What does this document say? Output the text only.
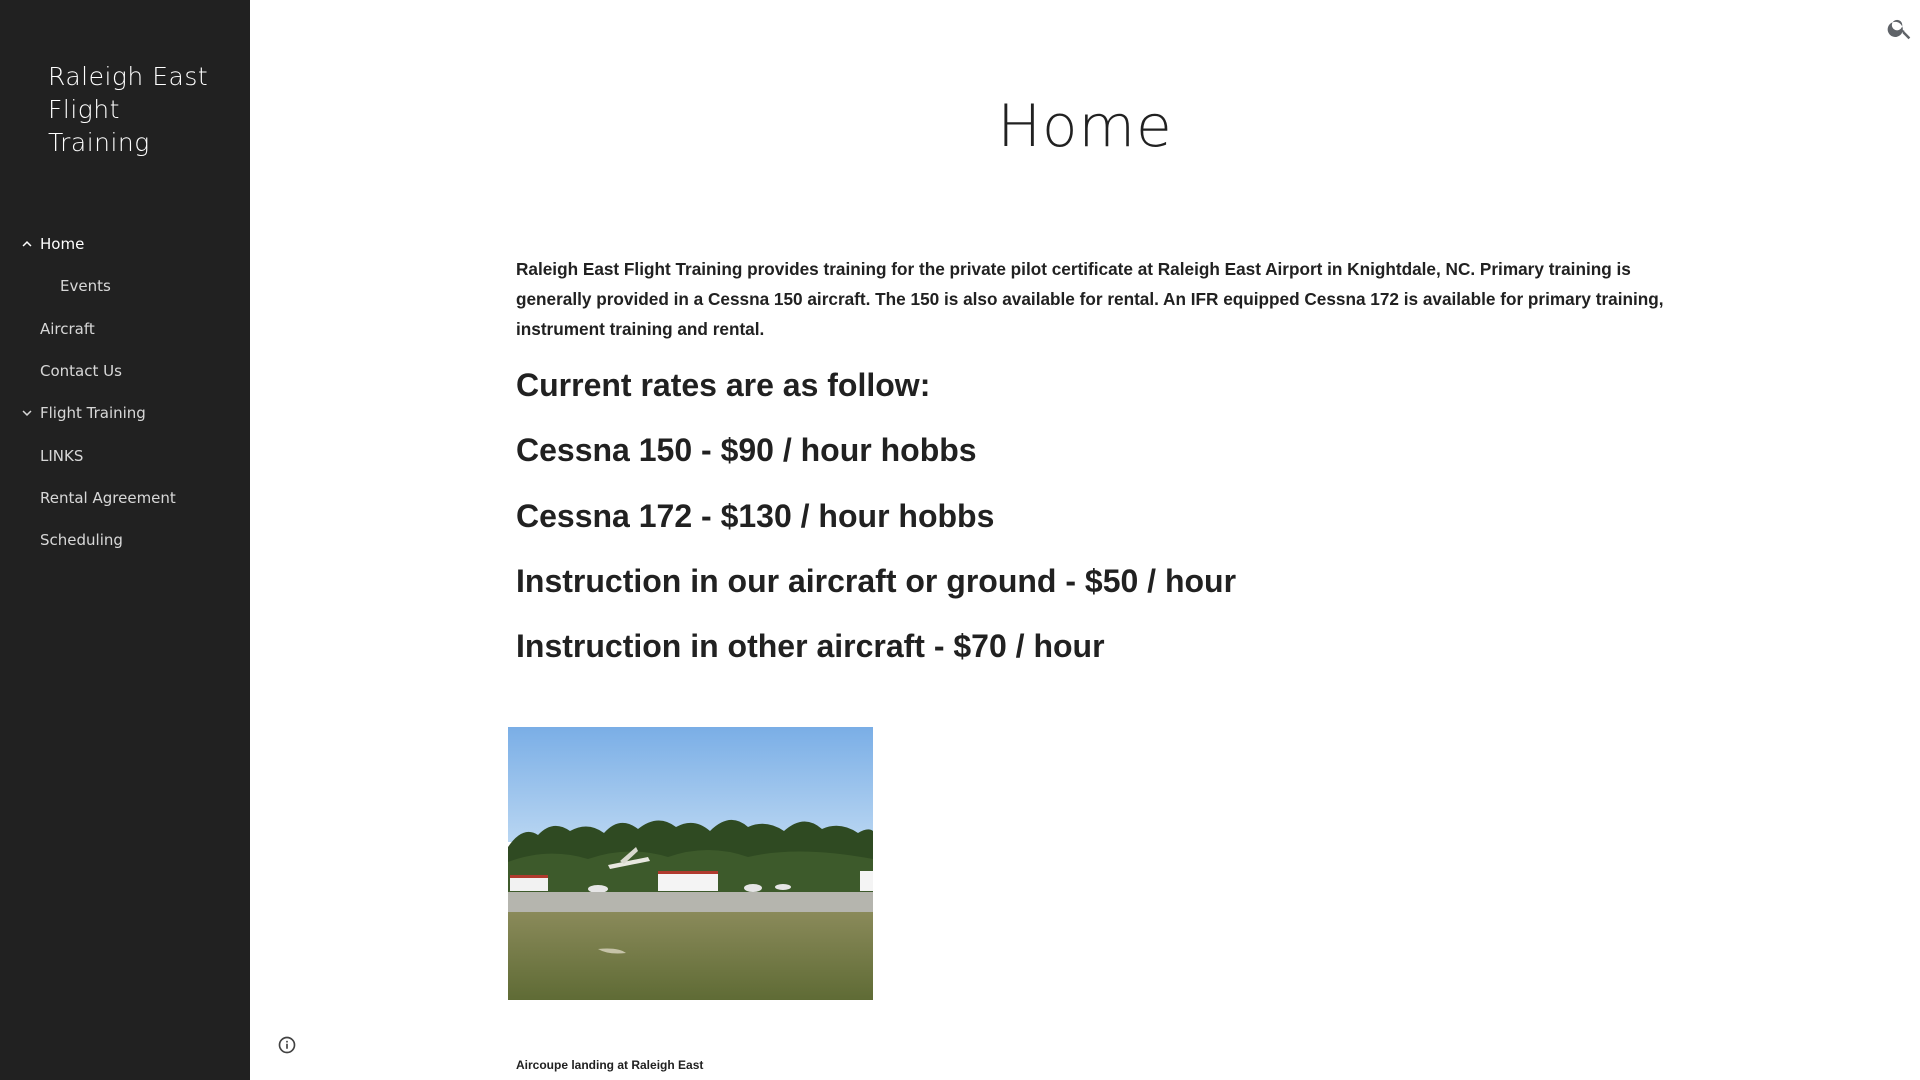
Raleigh East Flight Training
Home
Events
Aircraft
Contact Us
Flight Training
LINKS
Rental Agreement
Scheduling
Home

Raleigh East Flight Training provides training for the private pilot certificate at Raleigh East Airport in Knightdale, NC. Primary training is generally provided in a Cessna 150 aircraft. The 150 is also available for rental. An IFR equipped Cessna 172 is available for primary training, instrument training and rental.

Current rates are as follow:

Cessna 150 - $90 / hour hobbs

Cessna 172 - $130 / hour hobbs

Instruction in our aircraft or ground - $50 / hour

Instruction in other aircraft - $70 / hour

Aircoupe landing at Raleigh East
